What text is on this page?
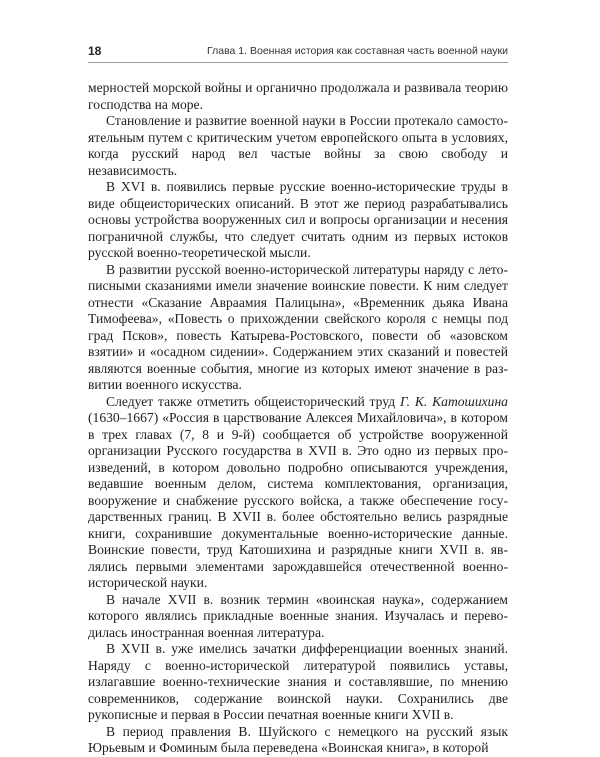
18	Глава 1. Военная история как составная часть военной науки

мерностей морской войны и органично продолжала и развивала теорию господства на море.

Становление и развитие военной науки в России протекало самостоятельным путем с критическим учетом европейского опыта в условиях, когда русский народ вел частые войны за свою свободу и независимость.

В XVI в. появились первые русские военно-исторические труды в виде общеисторических описаний. В этот же период разрабатывались основы устройства вооруженных сил и вопросы организации и несения пограничной службы, что следует считать одним из первых истоков русской военно-теоретической мысли.

В развитии русской военно-исторической литературы наряду с летописными сказаниями имели значение воинские повести. К ним следует отнести «Сказание Авраамия Палицына», «Временник дьяка Ивана Тимофеева», «Повесть о прихождении свейского короля с немцы под град Псков», повесть Катырева-Ростовского, повести об «азовском взятии» и «осадном сидении». Содержанием этих сказаний и повестей являются военные события, многие из которых имеют значение в развитии военного искусства.

Следует также отметить общеисторический труд Г. К. Катошихина (1630–1667) «Россия в царствование Алексея Михайловича», в котором в трех главах (7, 8 и 9-й) сообщается об устройстве вооруженной организации Русского государства в XVII в. Это одно из первых произведений, в котором довольно подробно описываются учреждения, ведавшие военным делом, система комплектования, организация, вооружение и снабжение русского войска, а также обеспечение государственных границ. В XVII в. более обстоятельно велись разрядные книги, сохранившие документальные военно-исторические данные. Воинские повести, труд Катошихина и разрядные книги XVII в. являлись первыми элементами зарождавшейся отечественной военно-исторической науки.

В начале XVII в. возник термин «воинская наука», содержанием которого являлись прикладные военные знания. Изучалась и переводилась иностранная военная литература.

В XVII в. уже имелись зачатки дифференциации военных знаний. Наряду с военно-исторической литературой появились уставы, излагавшие военно-технические знания и составлявшие, по мнению современников, содержание воинской науки. Сохранились две рукописные и первая в России печатная военные книги XVII в.

В период правления В. Шуйского с немецкого на русский язык Юрьевым и Фоминым была переведена «Воинская книга», в которой
